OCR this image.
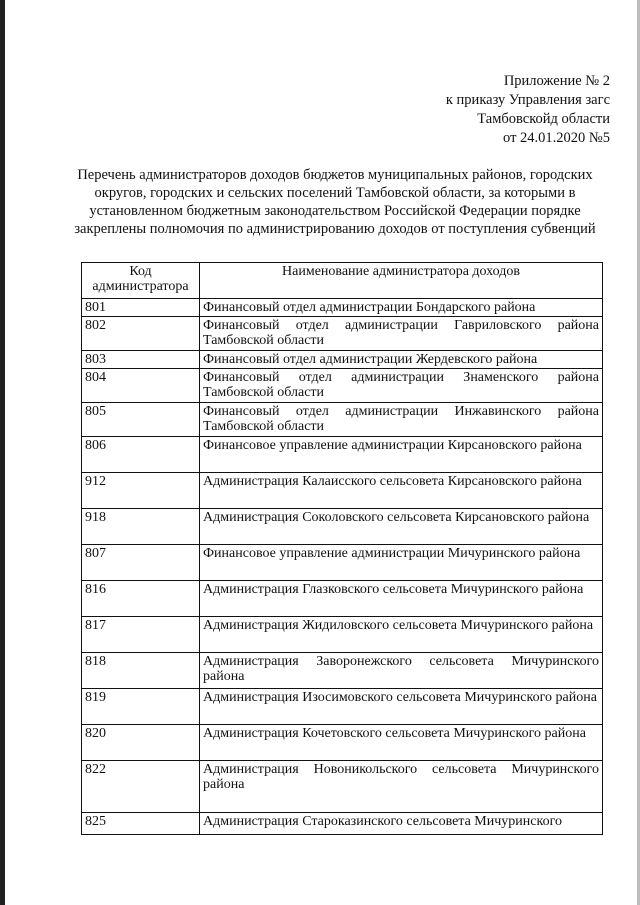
Приложение № 2
к приказу Управления загс
Тамбовскойд области
от 24.01.2020 №5
Перечень администраторов доходов бюджетов муниципальных районов, городских округов, городских и сельских поселений Тамбовской области, за которыми в установленном бюджетным законодательством Российской Федерации порядке закреплены полномочия по администрированию доходов от поступления субвенций
Код администратора	Наименование администратора доходов
801	Финансовый отдел администрации Бондарского района
802	Финансовый отдел администрации Гавриловского района Тамбовской области
803	Финансовый отдел администрации Жердевского района
804	Финансовый отдел администрации Знаменского района Тамбовской области
805	Финансовый отдел администрации Инжавинского района Тамбовской области
806	Финансовое управление администрации Кирсановского района
912	Администрация Калаисского сельсовета Кирсановского района
918	Администрация Соколовского сельсовета Кирсановского района
807	Финансовое управление администрации Мичуринского района
816	Администрация Глазковского сельсовета Мичуринского района
817	Администрация Жидиловского сельсовета Мичуринского района
818	Администрация Заворонежского сельсовета Мичуринского района
819	Администрация Изосимовского сельсовета Мичуринского района
820	Администрация Кочетовского сельсовета Мичуринского района
822	Администрация Новоникольского сельсовета Мичуринского района
825	Администрация Староказинского сельсовета Мичуринского
